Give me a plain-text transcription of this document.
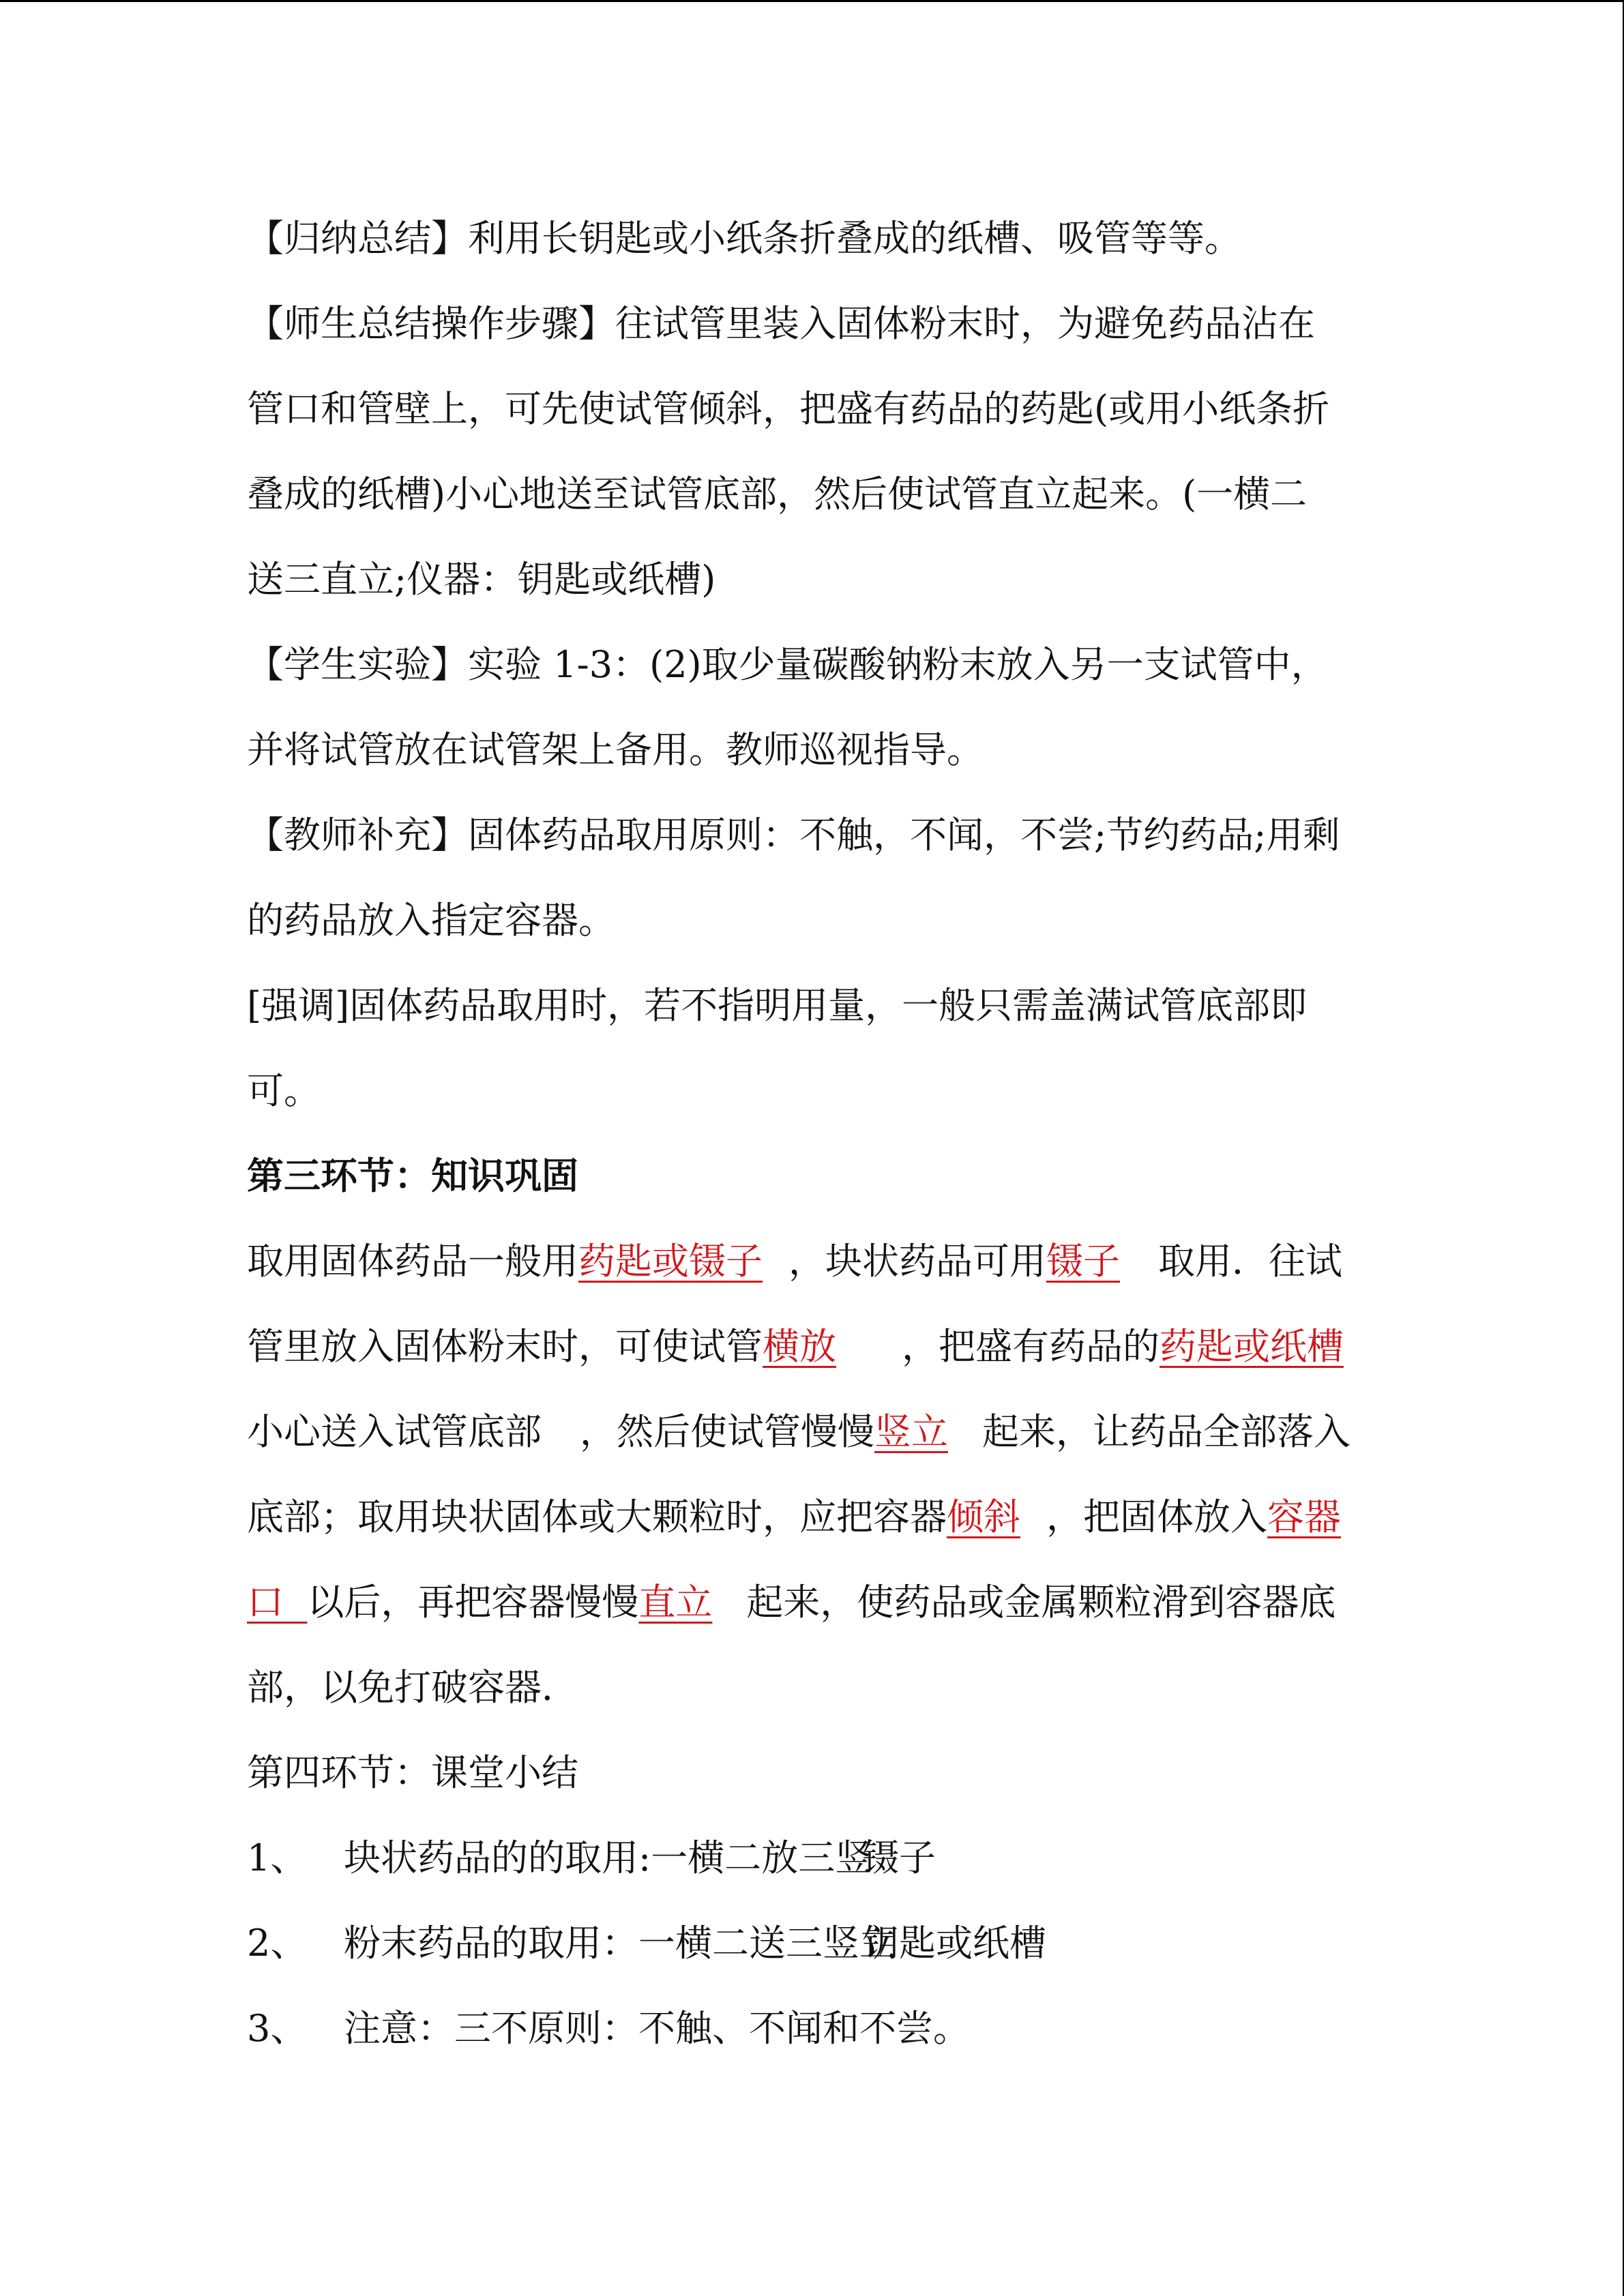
【归纳总结】利用长钥匙或小纸条折叠成的纸槽、吸管等等。
【师生总结操作步骤】往试管里装入固体粉末时，为避免药品沾在
管口和管壁上，可先使试管倾斜，把盛有药品的药匙(或用小纸条折
叠成的纸槽)小心地送至试管底部，然后使试管直立起来。(一横二
送三直立;仪器：钥匙或纸槽)
【学生实验】实验 1-3：(2)取少量碳酸钠粉末放入另一支试管中，
并将试管放在试管架上备用。教师巡视指导。
【教师补充】固体药品取用原则：不触，不闻，不尝;节约药品;用剩
的药品放入指定容器。
[强调]固体药品取用时，若不指明用量，一般只需盖满试管底部即
可。
第三环节：知识巩固
取用固体药品一般用药匙或镊子 ，块状药品可用镊子 取用．往试
管里放入固体粉末时，可使试管横放 ，把盛有药品的药匙或纸槽
小心送入试管底部 ，然后使试管慢慢竖立 起来，让药品全部落入
底部；取用块状固体或大颗粒时，应把容器倾斜 ，把固体放入容器
口 以后，再把容器慢慢直立 起来，使药品或金属颗粒滑到容器底
部，以免打破容器．
第四环节：课堂小结
1、 块状药品的的取用:一横二放三竖镊子
2、 粉末药品的取用：一横二送三竖立钥匙或纸槽
3、 注意：三不原则：不触、不闻和不尝。
